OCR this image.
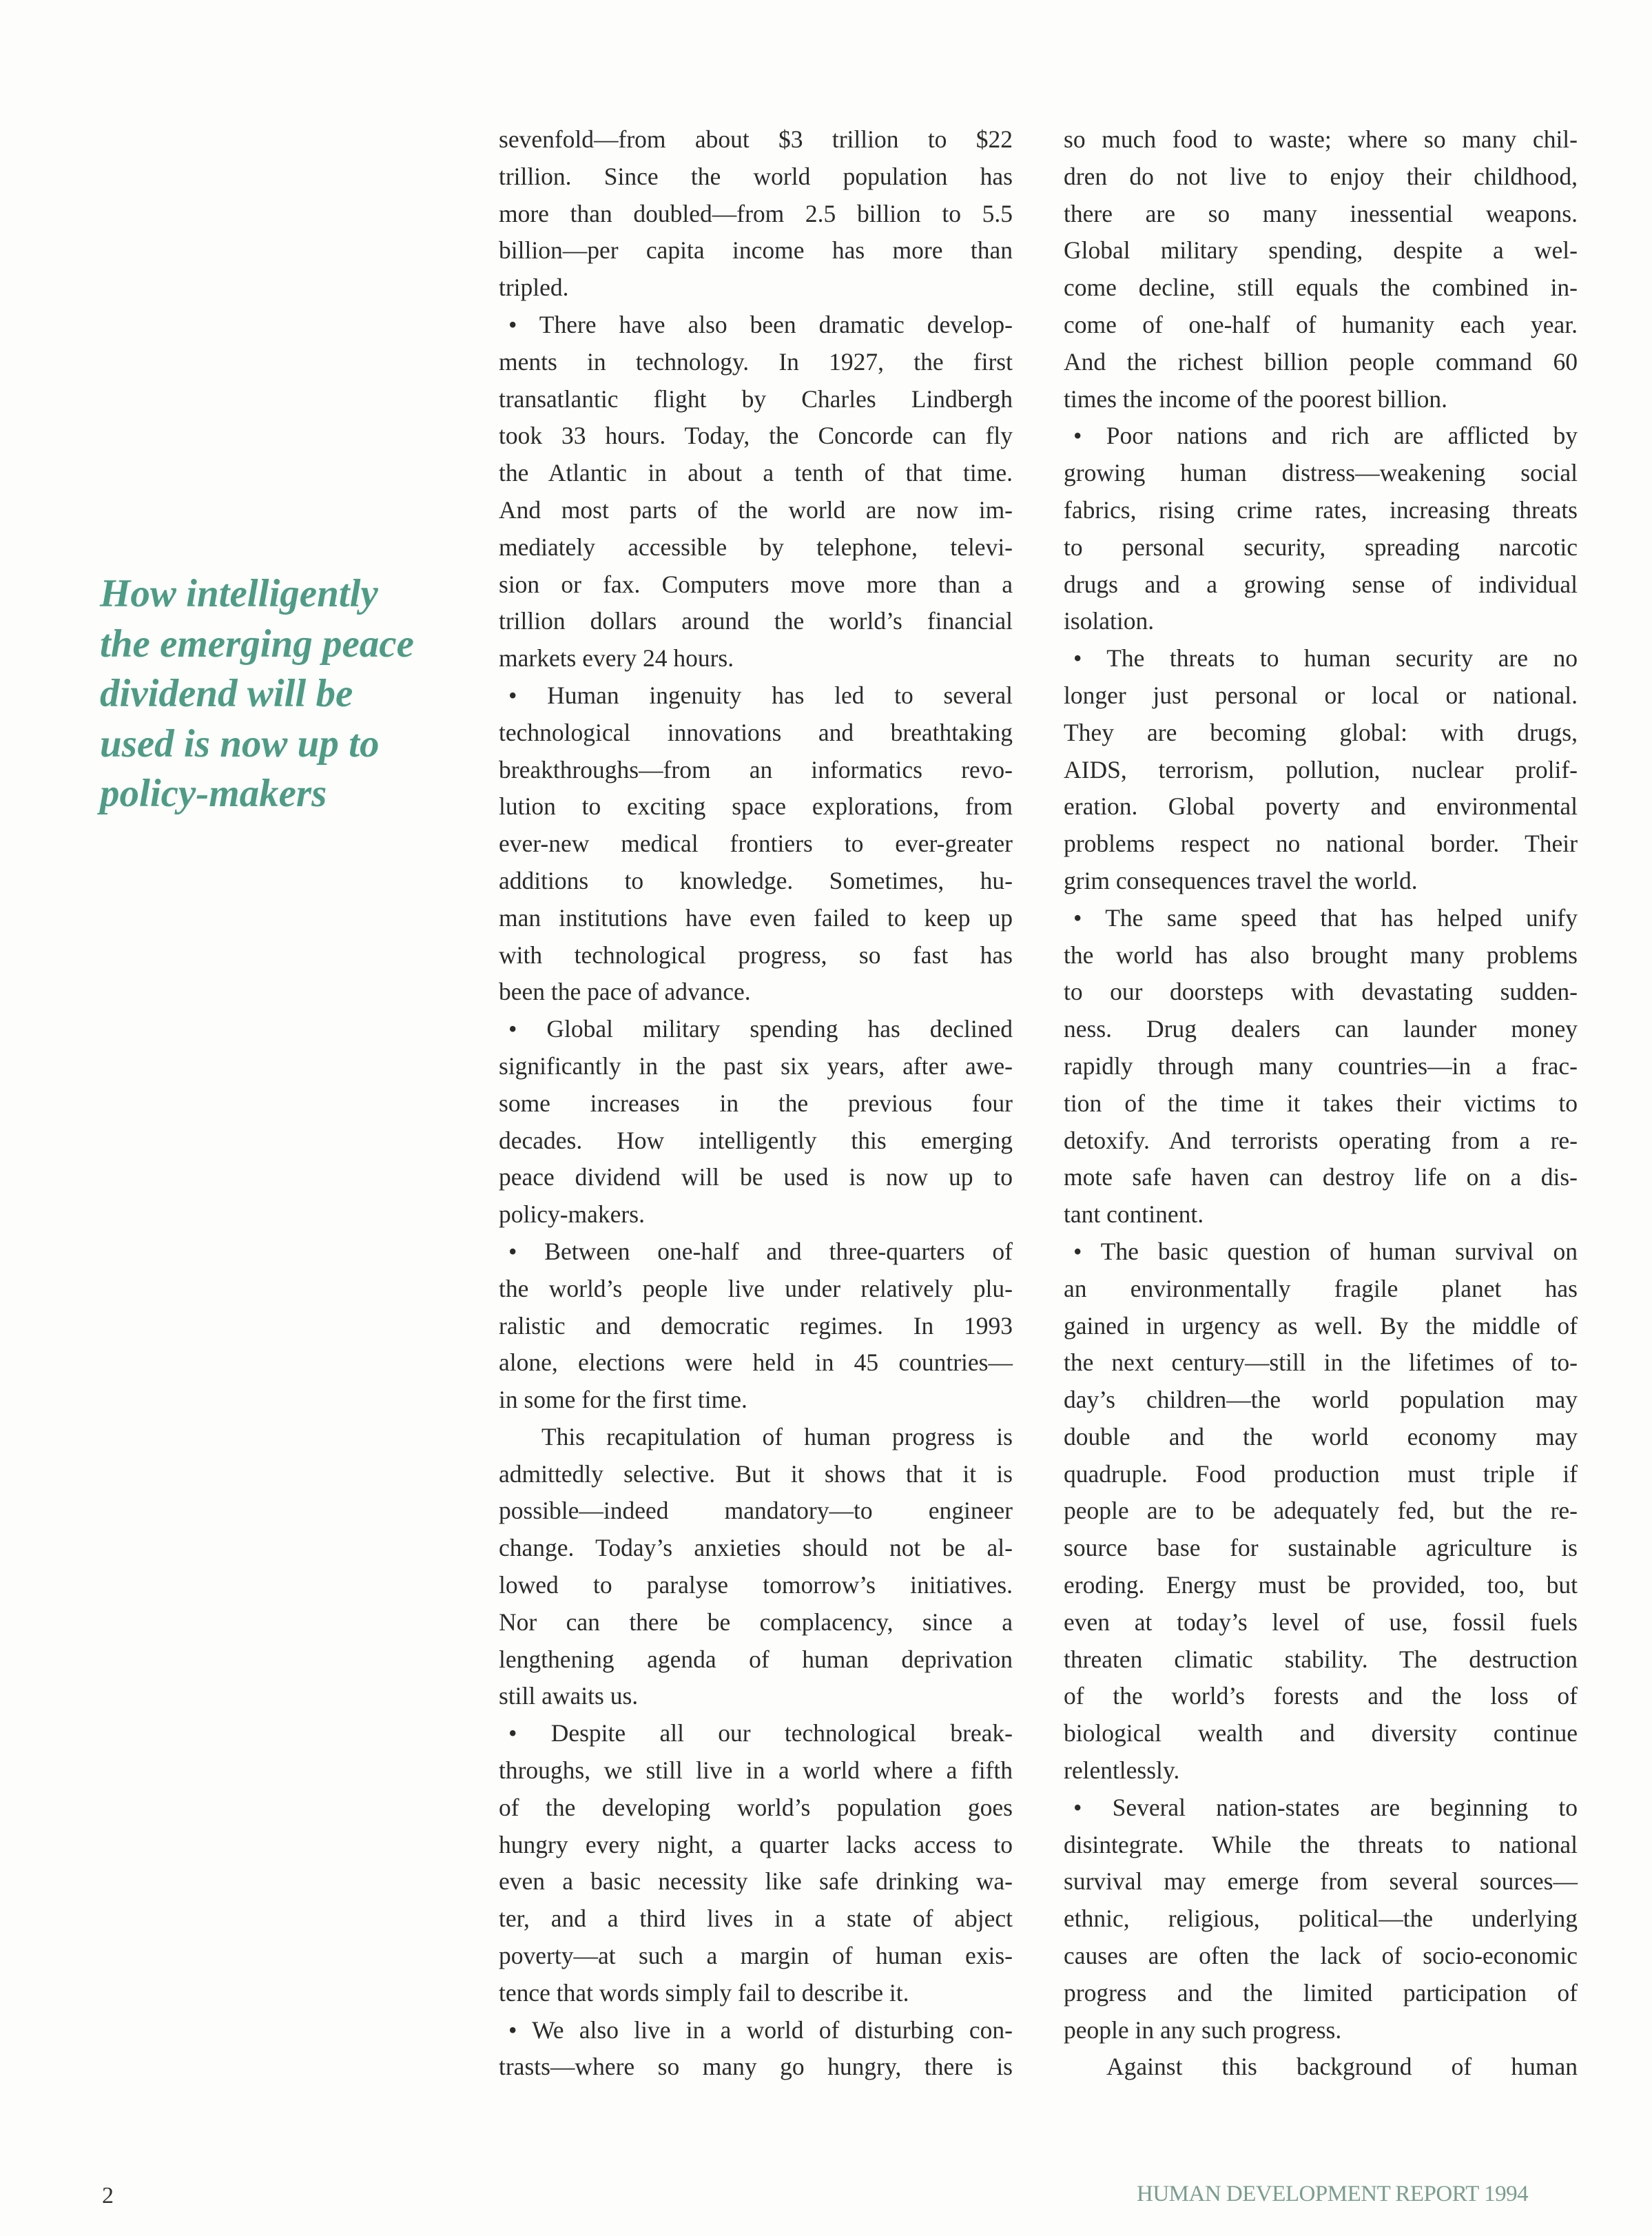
How intelligently
the emerging peace
dividend will be
used is now up to
policy-makers
sevenfold—from about $3 trillion to $22
trillion. Since the world population has
more than doubled—from 2.5 billion to 5.5
billion—per capita income has more than
tripled.
• There have also been dramatic develop-
ments in technology. In 1927, the first
transatlantic flight by Charles Lindbergh
took 33 hours. Today, the Concorde can fly
the Atlantic in about a tenth of that time.
And most parts of the world are now im-
mediately accessible by telephone, televi-
sion or fax. Computers move more than a
trillion dollars around the world’s financial
markets every 24 hours.
• Human ingenuity has led to several
technological innovations and breathtaking
breakthroughs—from an informatics revo-
lution to exciting space explorations, from
ever-new medical frontiers to ever-greater
additions to knowledge. Sometimes, hu-
man institutions have even failed to keep up
with technological progress, so fast has
been the pace of advance.
• Global military spending has declined
significantly in the past six years, after awe-
some increases in the previous four
decades. How intelligently this emerging
peace dividend will be used is now up to
policy-makers.
• Between one-half and three-quarters of
the world’s people live under relatively plu-
ralistic and democratic regimes. In 1993
alone, elections were held in 45 countries—
in some for the first time.
This recapitulation of human progress is
admittedly selective. But it shows that it is
possible—indeed mandatory—to engineer
change. Today’s anxieties should not be al-
lowed to paralyse tomorrow’s initiatives.
Nor can there be complacency, since a
lengthening agenda of human deprivation
still awaits us.
• Despite all our technological break-
throughs, we still live in a world where a fifth
of the developing world’s population goes
hungry every night, a quarter lacks access to
even a basic necessity like safe drinking wa-
ter, and a third lives in a state of abject
poverty—at such a margin of human exis-
tence that words simply fail to describe it.
• We also live in a world of disturbing con-
trasts—where so many go hungry, there is
so much food to waste; where so many chil-
dren do not live to enjoy their childhood,
there are so many inessential weapons.
Global military spending, despite a wel-
come decline, still equals the combined in-
come of one-half of humanity each year.
And the richest billion people command 60
times the income of the poorest billion.
• Poor nations and rich are afflicted by
growing human distress—weakening social
fabrics, rising crime rates, increasing threats
to personal security, spreading narcotic
drugs and a growing sense of individual
isolation.
• The threats to human security are no
longer just personal or local or national.
They are becoming global: with drugs,
AIDS, terrorism, pollution, nuclear prolif-
eration. Global poverty and environmental
problems respect no national border. Their
grim consequences travel the world.
• The same speed that has helped unify
the world has also brought many problems
to our doorsteps with devastating sudden-
ness. Drug dealers can launder money
rapidly through many countries—in a frac-
tion of the time it takes their victims to
detoxify. And terrorists operating from a re-
mote safe haven can destroy life on a dis-
tant continent.
• The basic question of human survival on
an environmentally fragile planet has
gained in urgency as well. By the middle of
the next century—still in the lifetimes of to-
day’s children—the world population may
double and the world economy may
quadruple. Food production must triple if
people are to be adequately fed, but the re-
source base for sustainable agriculture is
eroding. Energy must be provided, too, but
even at today’s level of use, fossil fuels
threaten climatic stability. The destruction
of the world’s forests and the loss of
biological wealth and diversity continue
relentlessly.
• Several nation-states are beginning to
disintegrate. While the threats to national
survival may emerge from several sources—
ethnic, religious, political—the underlying
causes are often the lack of socio-economic
progress and the limited participation of
people in any such progress.
Against this background of human
2	HUMAN DEVELOPMENT REPORT 1994
